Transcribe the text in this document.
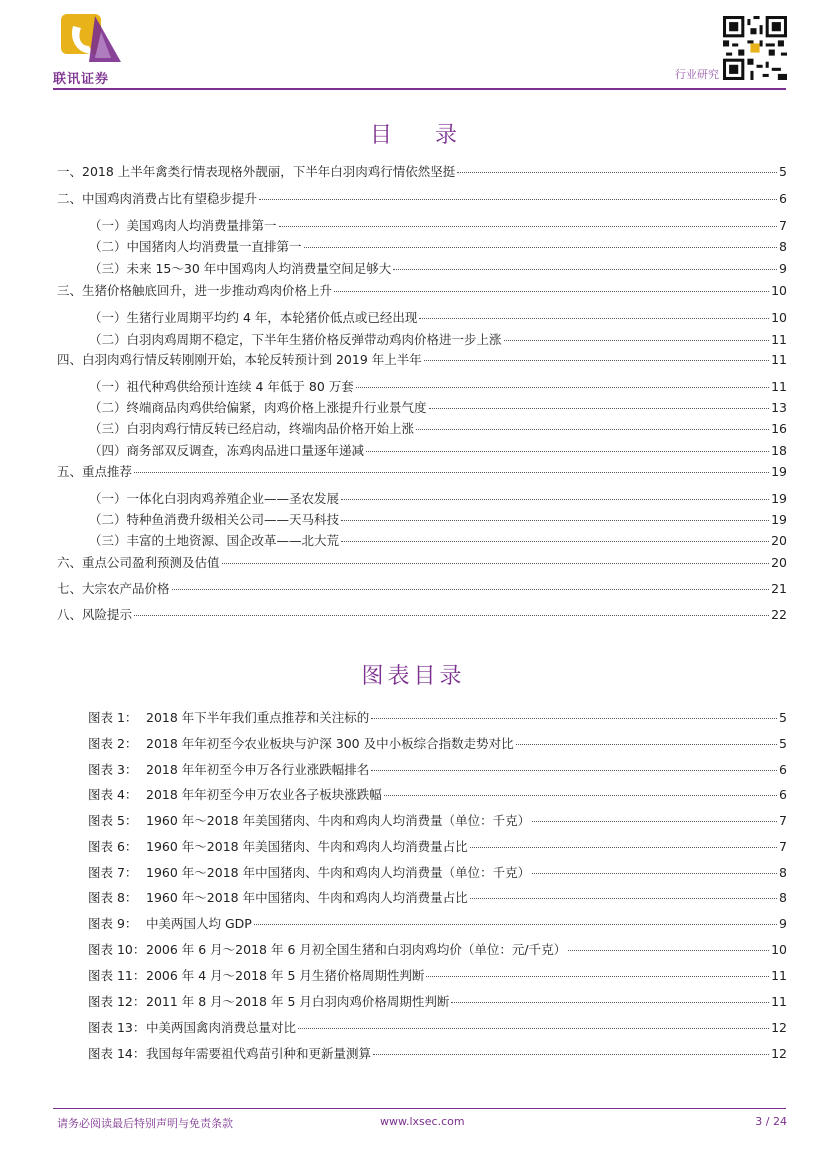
联讯证券	行业研究
目 录
一、2018 上半年禽类行情表现格外靓丽，下半年白羽肉鸡行情依然坚挺	5
二、中国鸡肉消费占比有望稳步提升	6
（一）美国鸡肉人均消费量排第一	7
（二）中国猪肉人均消费量一直排第一	8
（三）未来 15～30 年中国鸡肉人均消费量空间足够大	9
三、生猪价格触底回升，进一步推动鸡肉价格上升	10
（一）生猪行业周期平均约 4 年，本轮猪价低点或已经出现	10
（二）白羽肉鸡周期不稳定，下半年生猪价格反弹带动鸡肉价格进一步上涨	11
四、白羽肉鸡行情反转刚刚开始，本轮反转预计到 2019 年上半年	11
（一）祖代种鸡供给预计连续 4 年低于 80 万套	11
（二）终端商品肉鸡供给偏紧，肉鸡价格上涨提升行业景气度	13
（三）白羽肉鸡行情反转已经启动，终端肉品价格开始上涨	16
（四）商务部双反调查，冻鸡肉品进口量逐年递减	18
五、重点推荐	19
（一）一体化白羽肉鸡养殖企业——圣农发展	19
（二）特种鱼消费升级相关公司——天马科技	19
（三）丰富的土地资源、国企改革——北大荒	20
六、重点公司盈利预测及估值	20
七、大宗农产品价格	21
八、风险提示	22
图表目录
图表 1： 2018 年下半年我们重点推荐和关注标的	5
图表 2： 2018 年年初至今农业板块与沪深 300 及中小板综合指数走势对比	5
图表 3： 2018 年年初至今申万各行业涨跌幅排名	6
图表 4： 2018 年年初至今申万农业各子板块涨跌幅	6
图表 5： 1960 年～2018 年美国猪肉、牛肉和鸡肉人均消费量（单位：千克）	7
图表 6： 1960 年～2018 年美国猪肉、牛肉和鸡肉人均消费量占比	7
图表 7： 1960 年～2018 年中国猪肉、牛肉和鸡肉人均消费量（单位：千克）	8
图表 8： 1960 年～2018 年中国猪肉、牛肉和鸡肉人均消费量占比	8
图表 9： 中美两国人均 GDP	9
图表 10：2006 年 6 月～2018 年 6 月初全国生猪和白羽肉鸡均价（单位：元/千克）	10
图表 11：2006 年 4 月～2018 年 5 月生猪价格周期性判断	11
图表 12：2011 年 8 月～2018 年 5 月白羽肉鸡价格周期性判断	11
图表 13：中美两国禽肉消费总量对比	12
图表 14：我国每年需要祖代鸡苗引种和更新量测算	12
请务必阅读最后特别声明与免责条款	www.lxsec.com	3 / 24
